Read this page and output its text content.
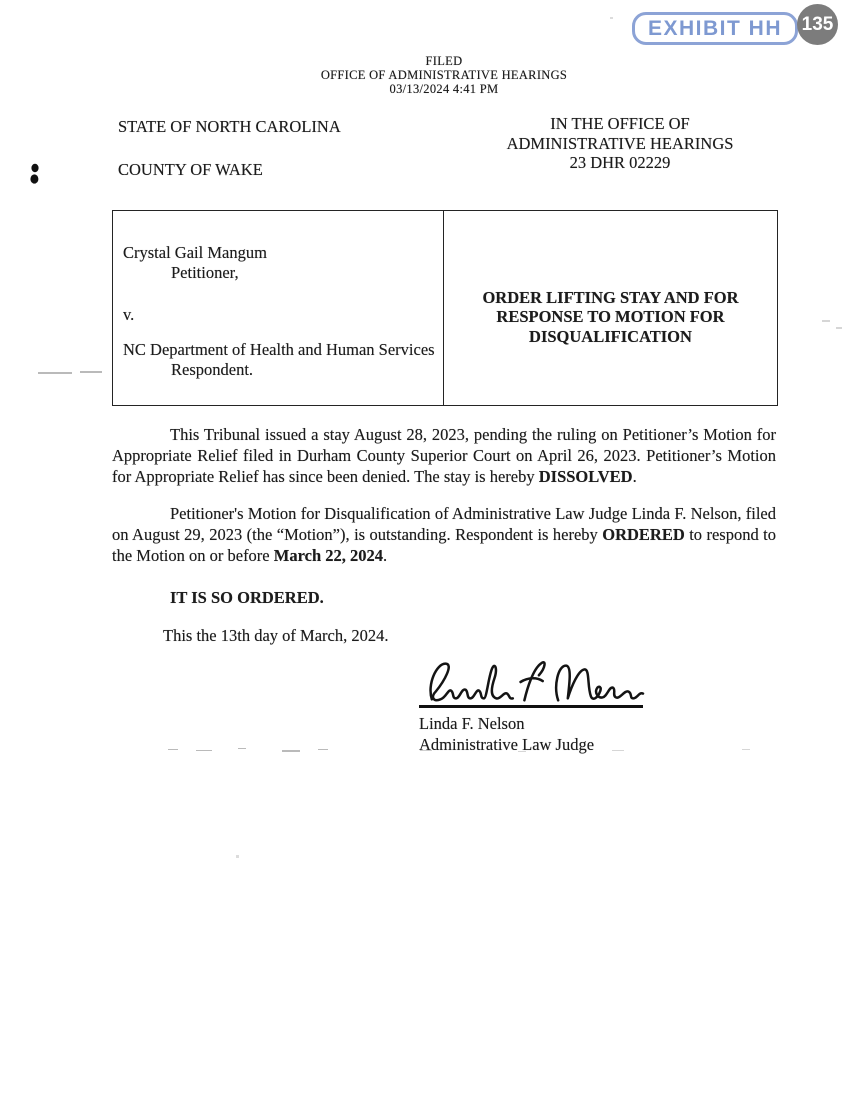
EXHIBIT HH 135
FILED
OFFICE OF ADMINISTRATIVE HEARINGS
03/13/2024 4:41 PM
STATE OF NORTH CAROLINA
COUNTY OF WAKE
IN THE OFFICE OF
ADMINISTRATIVE HEARINGS
23 DHR 02229
Crystal Gail Mangum
Petitioner,
v.
NC Department of Health and Human Services
Respondent.
ORDER LIFTING STAY AND FOR
RESPONSE TO MOTION FOR
DISQUALIFICATION

This Tribunal issued a stay August 28, 2023, pending the ruling on Petitioner’s Motion for Appropriate Relief filed in Durham County Superior Court on April 26, 2023. Petitioner’s Motion for Appropriate Relief has since been denied. The stay is hereby DISSOLVED.

Petitioner's Motion for Disqualification of Administrative Law Judge Linda F. Nelson, filed on August 29, 2023 (the “Motion”), is outstanding. Respondent is hereby ORDERED to respond to the Motion on or before March 22, 2024.

IT IS SO ORDERED.
This the 13th day of March, 2024.
Linda F. Nelson
Administrative Law Judge
